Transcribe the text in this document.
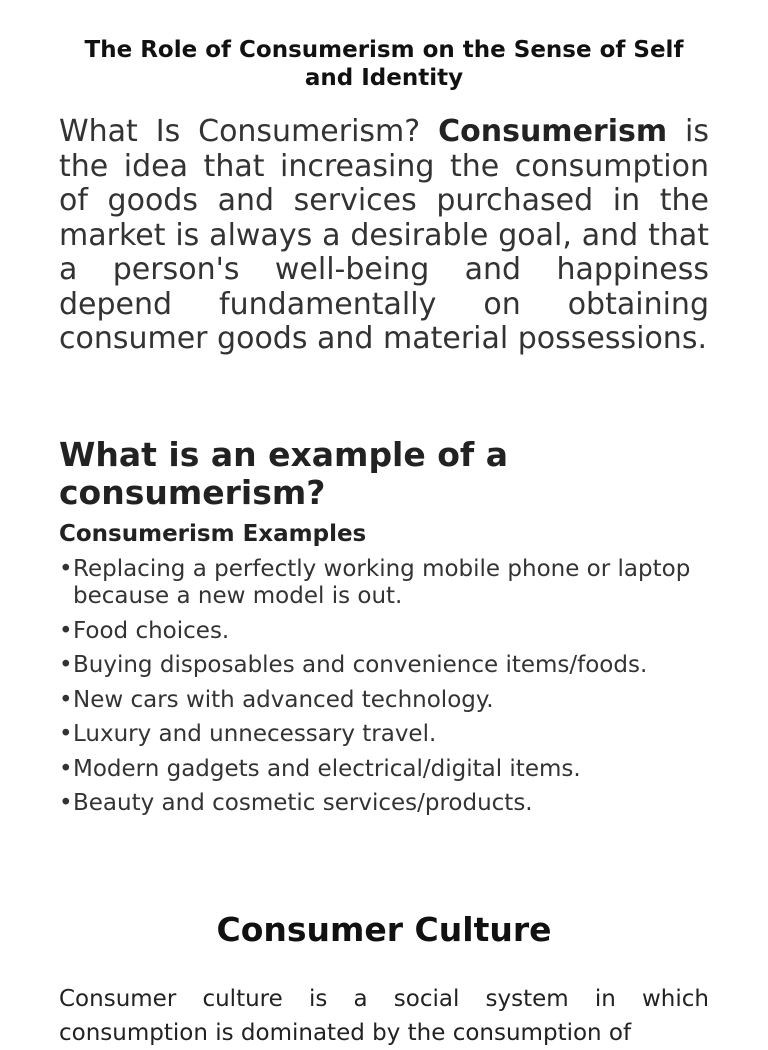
The Role of Consumerism on the Sense of Self and Identity

What Is Consumerism? Consumerism is the idea that increasing the consumption of goods and services purchased in the market is always a desirable goal, and that a person's well-being and happiness depend fundamentally on obtaining consumer goods and material possessions.

What is an example of a consumerism?
Consumerism Examples
• Replacing a perfectly working mobile phone or laptop because a new model is out.
• Food choices.
• Buying disposables and convenience items/foods.
• New cars with advanced technology.
• Luxury and unnecessary travel.
• Modern gadgets and electrical/digital items.
• Beauty and cosmetic services/products.
Consumer Culture

Consumer culture is a social system in which consumption is dominated by the consumption of
